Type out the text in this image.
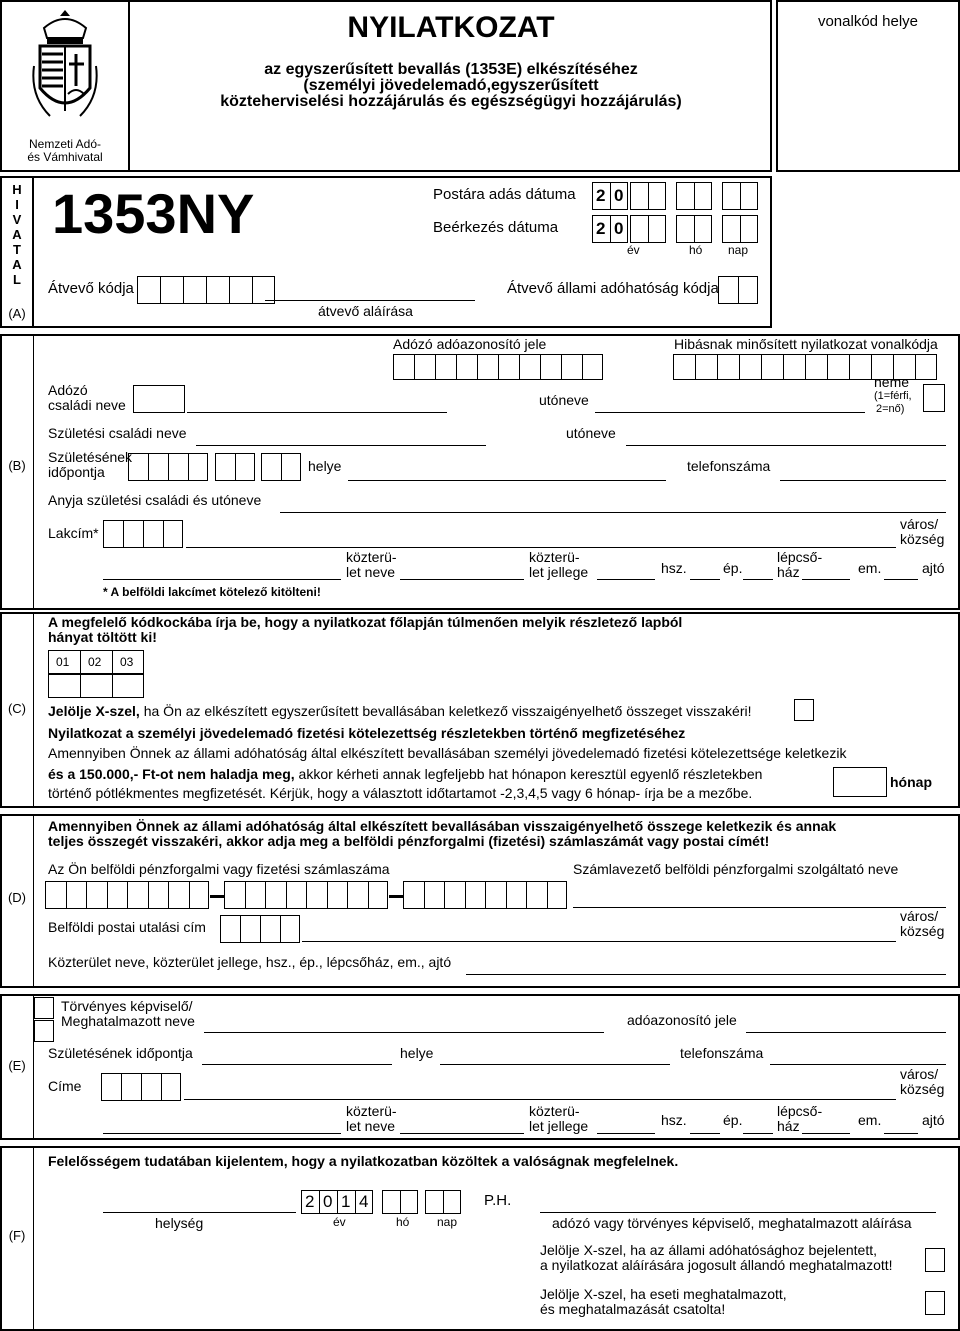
Nemzeti Adó-
és Vámhivatal
NYILATKOZAT
az egyszerűsített bevallás (1353E) elkészítéséhez
(személyi jövedelemadó,egyszerűsített
közteherviselési hozzájárulás és egészségügyi hozzájárulás)
vonalkód helye
H
I
V
A
T
A
L
(A)
1353NY	Postára adás dátuma
Beérkezés dátuma
2 0
2 0
év	hó nap
Átvevő kódja
átvevő aláírása
Átvevő állami adóhatóság kódja
(B)
Adózó adóazonosító jele	Hibásnak minősített nyilatkozat vonalkódja
Adózó
családi neve	utóneve
neme
(1=férfi,
2=nő)
Születési családi neve	utóneve
Születésének
időpontja	helye	telefonszáma
Anyja születési családi és utóneve
Lakcím*
város/
község
közterü-
let neve
közterü-
let jellege	hsz.	ép.
lépcső-
ház	em.	ajtó
* A belföldi lakcímet kötelező kitölteni!
(C)
A megfelelő kódkockába írja be, hogy a nyilatkozat főlapján túlmenően melyik részletező lapból
hányat töltött ki!
01 02 03
Jelölje X-szel, ha Ön az elkészített egyszerűsített bevallásában keletkező visszaigényelhető összeget visszakéri!
Nyilatkozat a személyi jövedelemadó fizetési kötelezettség részletekben történő megfizetéséhez
Amennyiben Önnek az állami adóhatóság által elkészített bevallásában személyi jövedelemadó fizetési kötelezettsége keletkezik
és a 150.000,- Ft-ot nem haladja meg, akkor kérheti annak legfeljebb hat hónapon keresztül egyenlő részletekben
történő pótlékmentes megfizetését. Kérjük, hogy a választott időtartamot -2,3,4,5 vagy 6 hónap- írja be a mezőbe.
hónap
(D)
Amennyiben Önnek az állami adóhatóság által elkészített bevallásában visszaigényelhető összege keletkezik és annak
teljes összegét visszakéri, akkor adja meg a belföldi pénzforgalmi (fizetési) számlaszámát vagy postai címét!
Az Ön belföldi pénzforgalmi vagy fizetési számlaszáma	Számlavezető belföldi pénzforgalmi szolgáltató neve
Belföldi postai utalási cím
város/
község
Közterület neve, közterület jellege, hsz., ép., lépcsőház, em., ajtó
(E)
Törvényes képviselő/
Meghatalmazott neve	adóazonosító jele
Születésének időpontja	helye	telefonszáma
Címe
város/
község
közterü-
let neve
közterü-
let jellege	hsz.	ép.
lépcső-
ház	em.	ajtó
(F)
Felelősségem tudatában kijelentem, hogy a nyilatkozatban közöltek a valóságnak megfelelnek.
helység
2 0 1 4
év	hó nap
P.H.
adózó vagy törvényes képviselő, meghatalmazott aláírása
Jelölje X-szel, ha az állami adóhatósághoz bejelentett,
a nyilatkozat aláírására jogosult állandó meghatalmazott!
Jelölje X-szel, ha eseti meghatalmazott,
és meghatalmazását csatolta!
